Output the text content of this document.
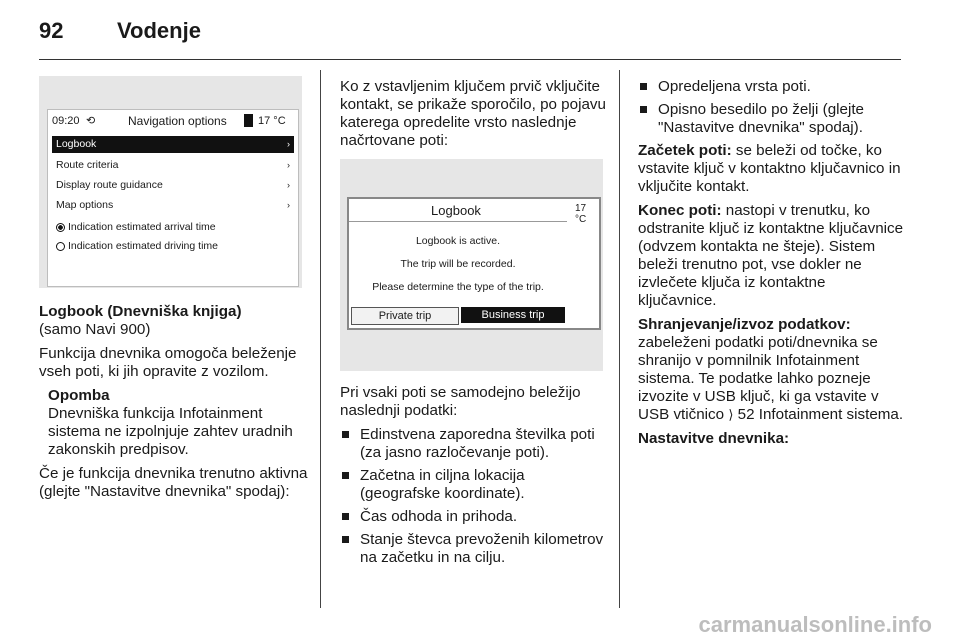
92 Vodenje
09:20 ⟲	Navigation options	17 °C
Logbook	›
Route criteria	›
Display route guidance	›
Map options	›
Indication estimated arrival time
Indication estimated driving time

Logbook (Dnevniška knjiga)

(samo Navi 900)

Funkcija dnevnika omogoča beleženje vseh poti, ki jih opravite z vozilom.

Opomba
Dnevniška funkcija Infotainment sistema ne izpolnjuje zahtev uradnih zakonskih predpisov.

Če je funkcija dnevnika trenutno aktivna (glejte "Nastavitve dnevnika" spodaj):

Ko z vstavljenim ključem prvič vključite kontakt, se prikaže sporočilo, po pojavu katerega opredelite vrsto naslednje načrtovane poti:

Logbook	17 °C
Logbook is active.
The trip will be recorded.
Please determine the type of the trip.
Private trip	Business trip

Pri vsaki poti se samodejno beležijo naslednji podatki:

Edinstvena zaporedna številka poti (za jasno razločevanje poti).
Začetna in ciljna lokacija (geografske koordinate).
Čas odhoda in prihoda.
Stanje števca prevoženih kilometrov na začetku in na cilju.
Opredeljena vrsta poti.
Opisno besedilo po želji (glejte "Nastavitve dnevnika" spodaj).

Začetek poti: se beleži od točke, ko vstavite ključ v kontaktno ključavnico in vključite kontakt.

Konec poti: nastopi v trenutku, ko odstranite ključ iz kontaktne ključavnice (odvzem kontakta ne šteje). Sistem beleži trenutno pot, vse dokler ne izvlečete ključa iz kontaktne ključavnice.

Shranjevanje/izvoz podatkov:
zabeleženi podatki poti/dnevnika se shranijo v pomnilnik Infotainment sistema. Te podatke lahko pozneje izvozite v USB ključ, ki ga vstavite v USB vtičnico ⟩ 52 Infotainment sistema.

Nastavitve dnevnika:

carmanualsonline.info
